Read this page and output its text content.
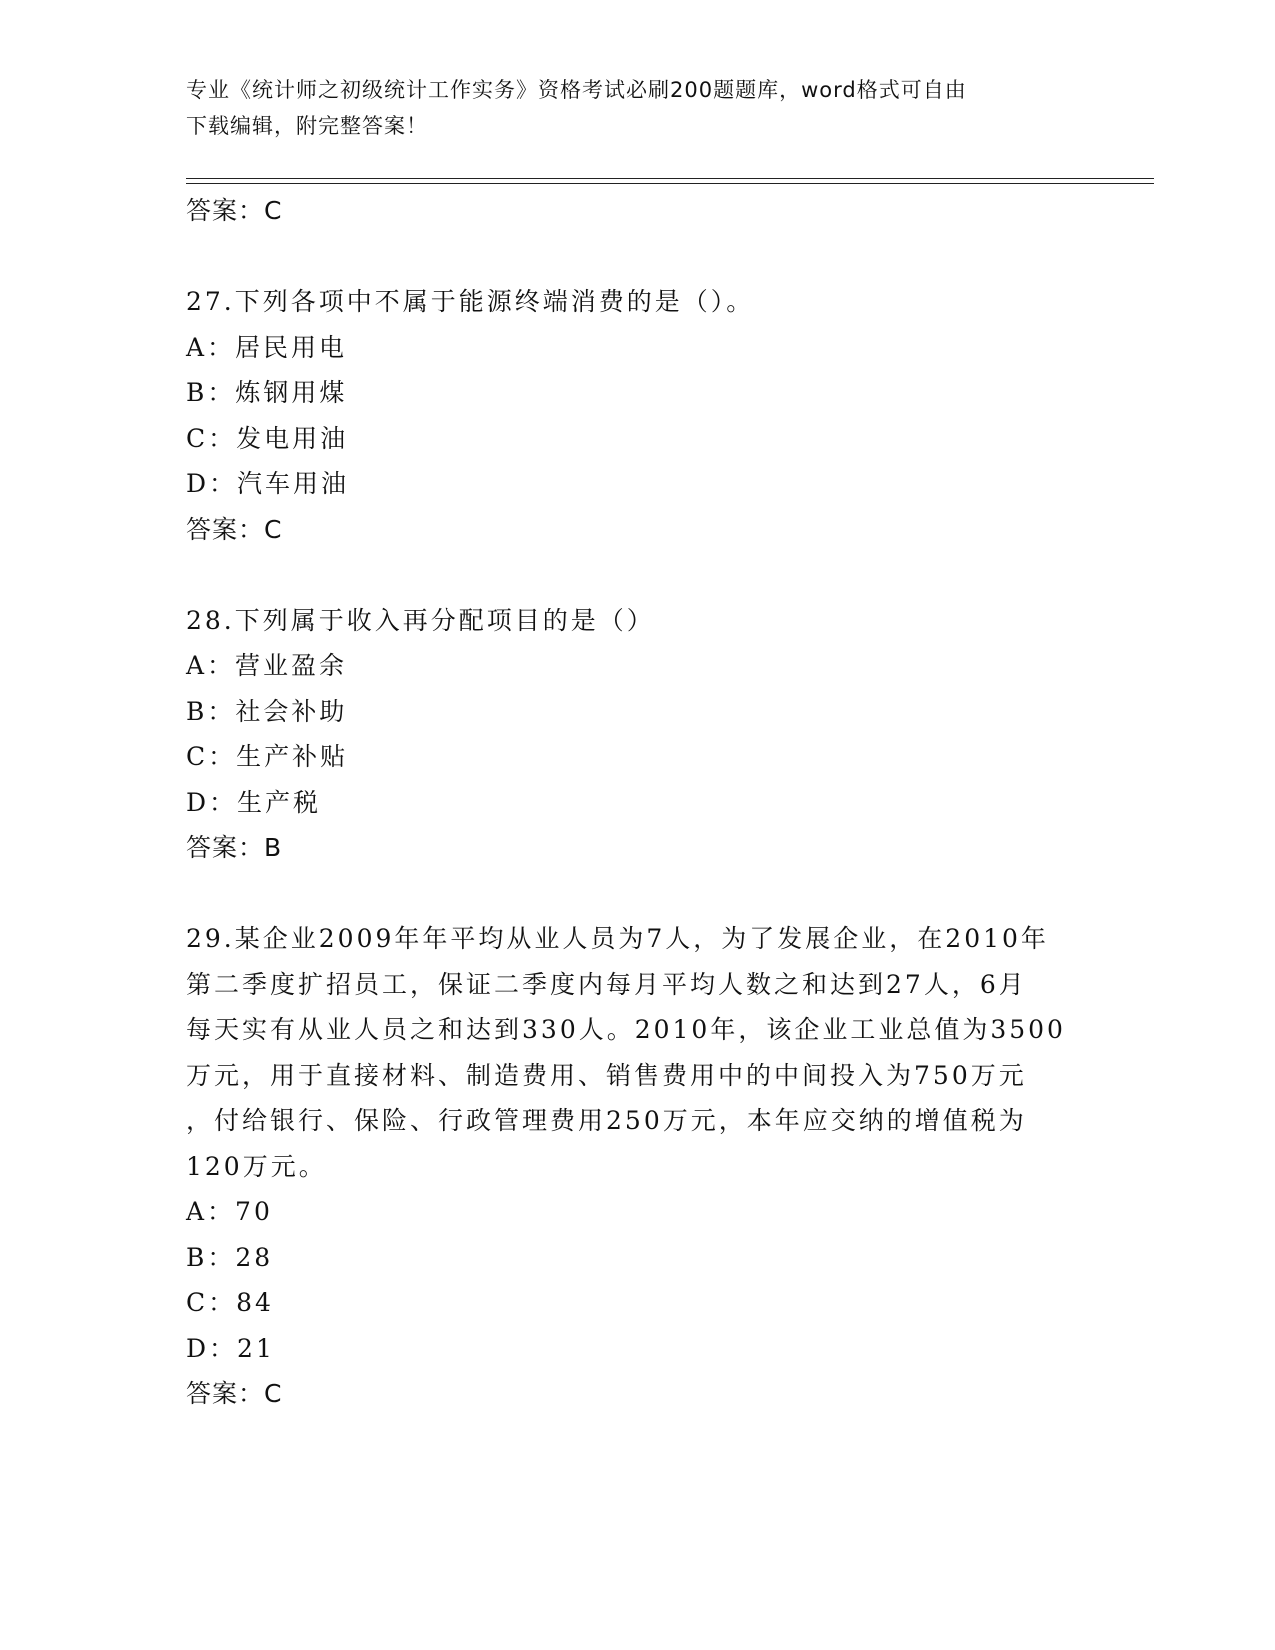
专业《统计师之初级统计工作实务》资格考试必刷200题题库，word格式可自由
下载编辑，附完整答案！
答案：C
27.下列各项中不属于能源终端消费的是（）。
A：居民用电
B：炼钢用煤
C：发电用油
D：汽车用油
答案：C
28.下列属于收入再分配项目的是（）
A：营业盈余
B：社会补助
C：生产补贴
D：生产税
答案：B
29.某企业2009年年平均从业人员为7人，为了发展企业，在2010年
第二季度扩招员工，保证二季度内每月平均人数之和达到27人，6月
每天实有从业人员之和达到330人。2010年，该企业工业总值为3500
万元，用于直接材料、制造费用、销售费用中的中间投入为750万元
，付给银行、保险、行政管理费用250万元，本年应交纳的增值税为
120万元。
A：70
B：28
C：84
D：21
答案：C
